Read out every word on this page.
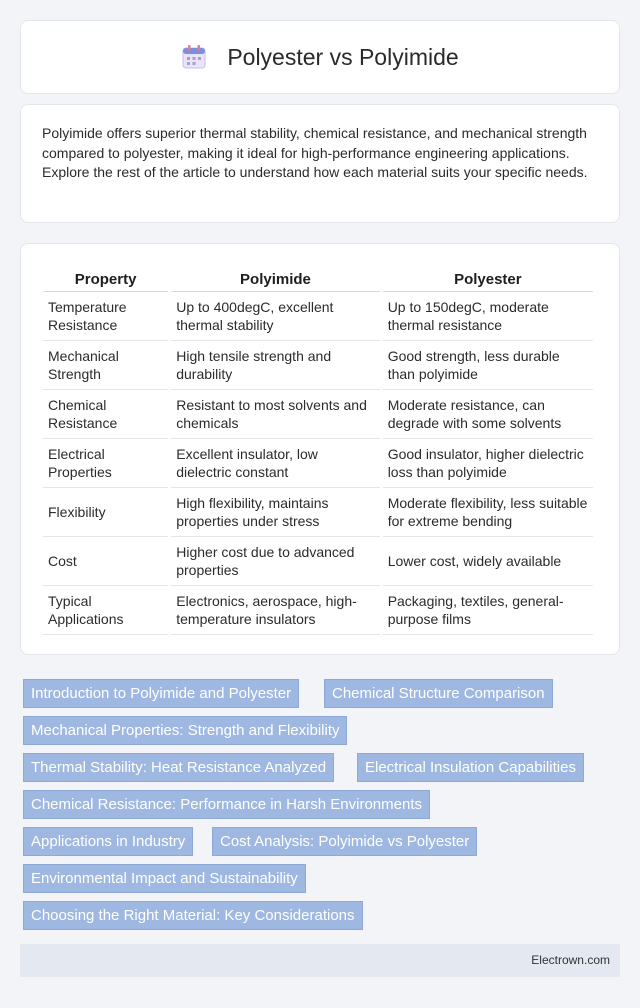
Polyester vs Polyimide

Polyimide offers superior thermal stability, chemical resistance, and mechanical strength compared to polyester, making it ideal for high-performance engineering applications. Explore the rest of the article to understand how each material suits your specific needs.

Property	Polyimide	Polyester
Temperature Resistance	Up to 400degC, excellent thermal stability	Up to 150degC, moderate thermal resistance
Mechanical Strength	High tensile strength and durability	Good strength, less durable than polyimide
Chemical Resistance	Resistant to most solvents and chemicals	Moderate resistance, can degrade with some solvents
Electrical Properties	Excellent insulator, low dielectric constant	Good insulator, higher dielectric loss than polyimide
Flexibility	High flexibility, maintains properties under stress	Moderate flexibility, less suitable for extreme bending
Cost	Higher cost due to advanced properties	Lower cost, widely available
Typical Applications	Electronics, aerospace, high-temperature insulators	Packaging, textiles, general-purpose films
Introduction to Polyimide and Polyester	Chemical Structure Comparison
Mechanical Properties: Strength and Flexibility
Thermal Stability: Heat Resistance Analyzed	Electrical Insulation Capabilities
Chemical Resistance: Performance in Harsh Environments
Applications in Industry	Cost Analysis: Polyimide vs Polyester
Environmental Impact and Sustainability
Choosing the Right Material: Key Considerations
Electrown.com
